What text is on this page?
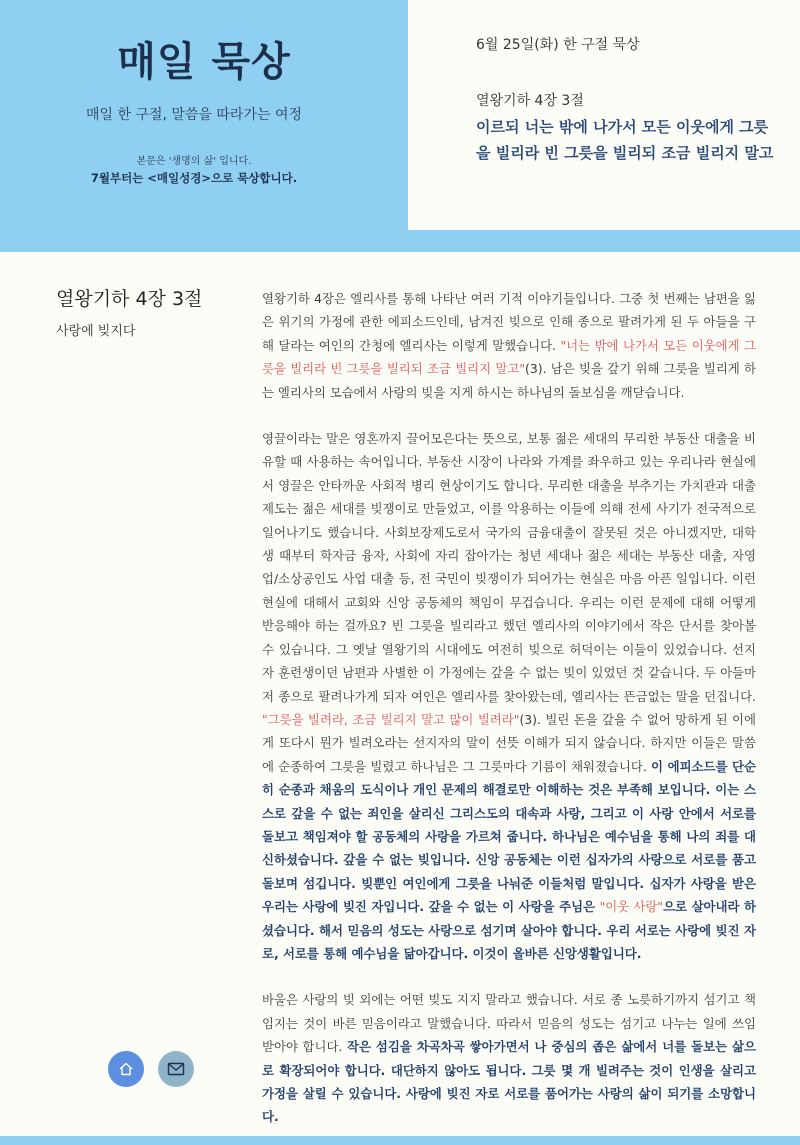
매일 묵상
매일 한 구절, 말씀을 따라가는 여정
본문은 '생명의 삶' 입니다.
7월부터는 <매일성경>으로 묵상합니다.
6월 25일(화) 한 구절 묵상
열왕기하 4장 3절
이르되 너는 밖에 나가서 모든 이웃에게 그릇을 빌리라 빈 그릇을 빌리되 조금 빌리지 말고
열왕기하 4장 3절
사랑에 빚지다

열왕기하 4장은 엘리사를 통해 나타난 여러 기적 이야기들입니다. 그중 첫 번째는 남편을 잃은 위기의 가정에 관한 에피소드인데, 남겨진 빚으로 인해 종으로 팔려가게 된 두 아들을 구해 달라는 여인의 간청에 엘리사는 이렇게 말했습니다. "너는 밖에 나가서 모든 이웃에게 그릇을 빌리라 빈 그릇을 빌리되 조금 빌리지 말고"(3). 남은 빚을 갚기 위해 그릇을 빌리게 하는 엘리사의 모습에서 사랑의 빚을 지게 하시는 하나님의 돌보심을 깨닫습니다.

영끌이라는 말은 영혼까지 끌어모은다는 뜻으로, 보통 젊은 세대의 무리한 부동산 대출을 비유할 때 사용하는 속어입니다. 부동산 시장이 나라와 가계를 좌우하고 있는 우리나라 현실에서 영끌은 안타까운 사회적 병리 현상이기도 합니다. 무리한 대출을 부추기는 가치관과 대출제도는 젊은 세대를 빚쟁이로 만들었고, 이를 악용하는 이들에 의해 전세 사기가 전국적으로 일어나기도 했습니다. 사회보장제도로서 국가의 금융대출이 잘못된 것은 아니겠지만, 대학생 때부터 학자금 융자, 사회에 자리 잡아가는 청년 세대나 젊은 세대는 부동산 대출, 자영업/소상공인도 사업 대출 등, 전 국민이 빚쟁이가 되어가는 현실은 마음 아픈 일입니다. 이런 현실에 대해서 교회와 신앙 공동체의 책임이 무겁습니다. 우리는 이런 문제에 대해 어떻게 반응해야 하는 걸까요? 빈 그릇을 빌리라고 했던 엘리사의 이야기에서 작은 단서를 찾아볼 수 있습니다. 그 옛날 열왕기의 시대에도 여전히 빚으로 허덕이는 이들이 있었습니다. 선지자 훈련생이던 남편과 사별한 이 가정에는 갚을 수 없는 빚이 있었던 것 같습니다. 두 아들마저 종으로 팔려나가게 되자 여인은 엘리사를 찾아왔는데, 엘리사는 뜬금없는 말을 던집니다. "그릇을 빌려라, 조금 빌리지 말고 많이 빌려라"(3). 빌린 돈을 갚을 수 없어 망하게 된 이에게 또다시 뭔가 빌려오라는 선지자의 말이 선뜻 이해가 되지 않습니다. 하지만 이들은 말씀에 순종하여 그릇을 빌렸고 하나님은 그 그릇마다 기름이 채워졌습니다. 이 에피소드를 단순히 순종과 채움의 도식이나 개인 문제의 해결로만 이해하는 것은 부족해 보입니다. 이는 스스로 갚을 수 없는 죄인을 살리신 그리스도의 대속과 사랑, 그리고 이 사랑 안에서 서로를 돌보고 책임져야 할 공동체의 사랑을 가르쳐 줍니다. 하나님은 예수님을 통해 나의 죄를 대신하셨습니다. 갚을 수 없는 빚입니다. 신앙 공동체는 이런 십자가의 사랑으로 서로를 품고 돌보며 섬깁니다. 빚뿐인 여인에게 그릇을 나눠준 이들처럼 말입니다. 십자가 사랑을 받은 우리는 사랑에 빚진 자입니다. 갚을 수 없는 이 사랑을 주님은 "이웃 사랑"으로 살아내라 하셨습니다. 해서 믿음의 성도는 사랑으로 섬기며 살아야 합니다. 우리 서로는 사랑에 빚진 자로, 서로를 통해 예수님을 닮아갑니다. 이것이 올바른 신앙생활입니다.

바울은 사랑의 빚 외에는 어떤 빚도 지지 말라고 했습니다. 서로 종 노릇하기까지 섬기고 책임지는 것이 바른 믿음이라고 말했습니다. 따라서 믿음의 성도는 섬기고 나누는 일에 쓰임 받아야 합니다. 작은 섬김을 차곡차곡 쌓아가면서 나 중심의 좁은 삶에서 너를 돌보는 삶으로 확장되어야 합니다. 대단하지 않아도 됩니다. 그릇 몇 개 빌려주는 것이 인생을 살리고 가정을 살릴 수 있습니다. 사랑에 빚진 자로 서로를 품어가는 사랑의 삶이 되기를 소망합니다.
